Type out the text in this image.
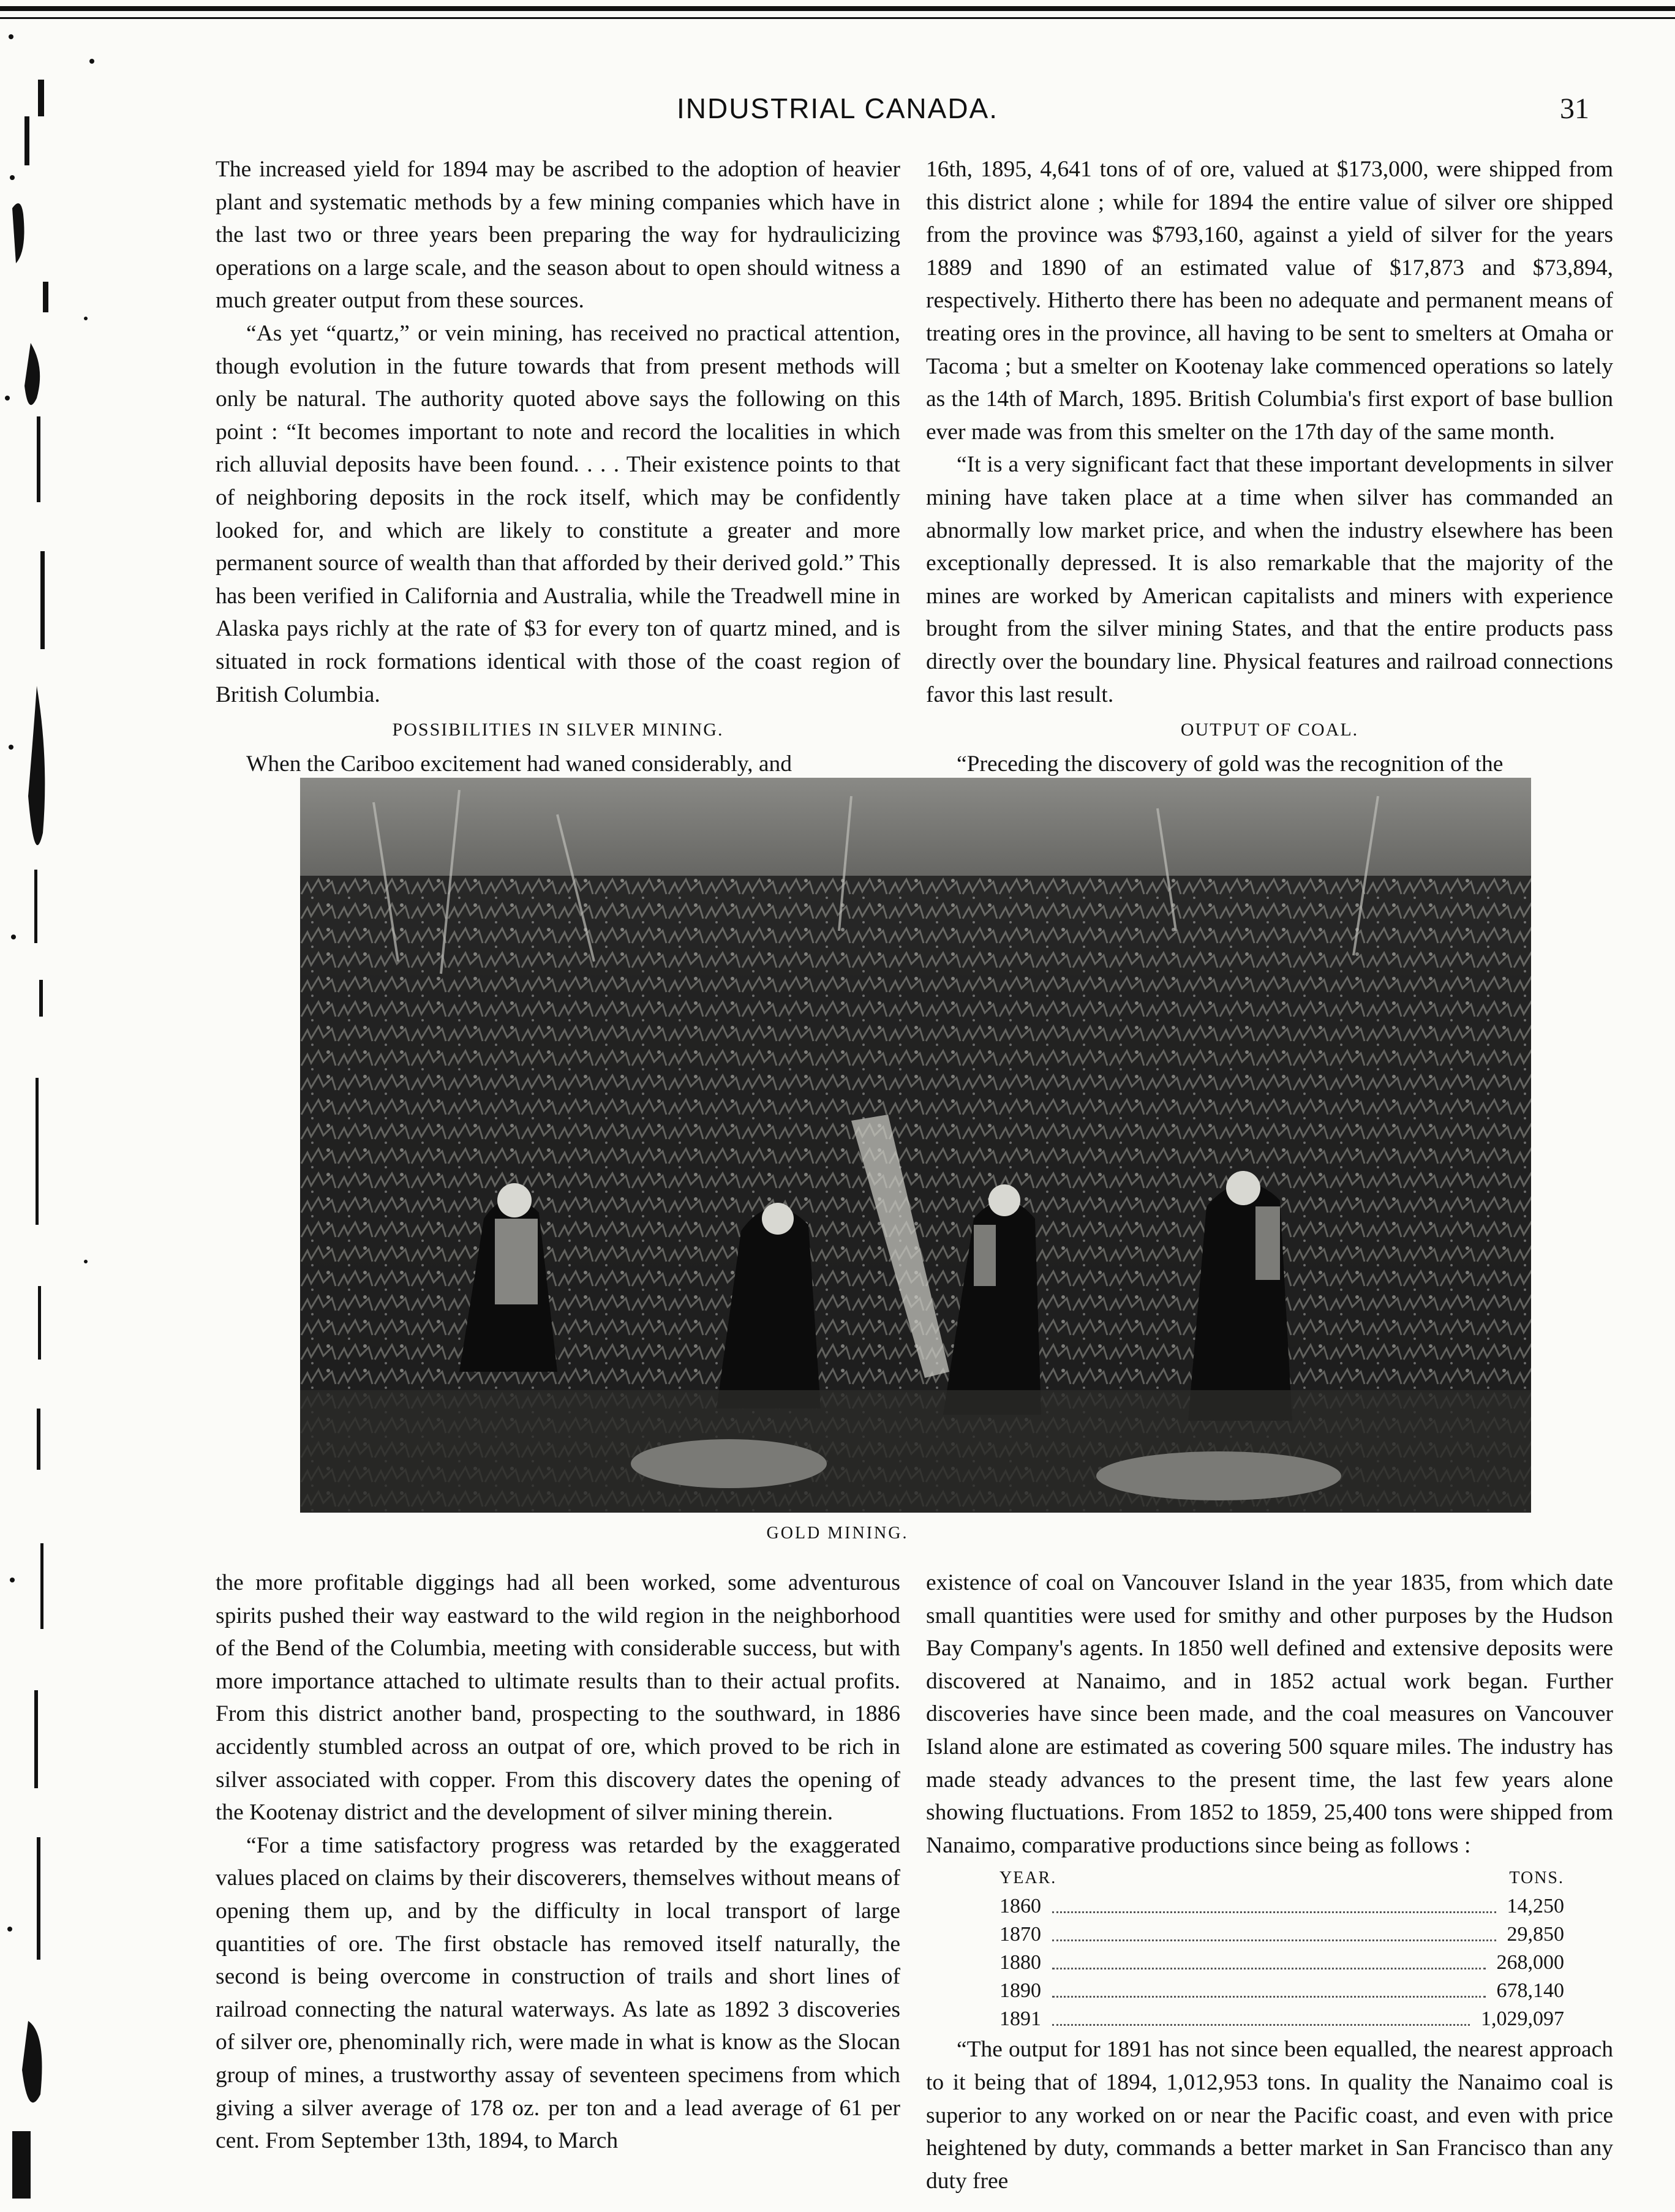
INDUSTRIAL CANADA.	31

The increased yield for 1894 may be ascribed to the adoption of heavier plant and systematic methods by a few mining companies which have in the last two or three years been preparing the way for hydraulicizing operations on a large scale, and the season about to open should witness a much greater output from these sources.

“As yet “quartz,” or vein mining, has received no practical attention, though evolution in the future towards that from present methods will only be natural. The authority quoted above says the following on this point : “It becomes important to note and record the localities in which rich alluvial deposits have been found. . . . Their existence points to that of neighboring deposits in the rock itself, which may be confidently looked for, and which are likely to constitute a greater and more permanent source of wealth than that afforded by their derived gold.” This has been verified in California and Australia, while the Treadwell mine in Alaska pays richly at the rate of $3 for every ton of quartz mined, and is situated in rock formations identical with those of the coast region of British Columbia.

POSSIBILITIES IN SILVER MINING.

When the Cariboo excitement had waned considerably, and

16th, 1895, 4,641 tons of of ore, valued at $173,000, were shipped from this district alone ; while for 1894 the entire value of silver ore shipped from the province was $793,160, against a yield of silver for the years 1889 and 1890 of an estimated value of $17,873 and $73,894, respectively. Hitherto there has been no adequate and permanent means of treating ores in the province, all having to be sent to smelters at Omaha or Tacoma ; but a smelter on Kootenay lake commenced operations so lately as the 14th of March, 1895. British Columbia's first export of base bullion ever made was from this smelter on the 17th day of the same month.

“It is a very significant fact that these important developments in silver mining have taken place at a time when silver has commanded an abnormally low market price, and when the industry elsewhere has been exceptionally depressed. It is also remarkable that the majority of the mines are worked by American capitalists and miners with experience brought from the silver mining States, and that the entire products pass directly over the boundary line. Physical features and railroad connections favor this last result.

OUTPUT OF COAL.

“Preceding the discovery of gold was the recognition of the

GOLD MINING.

the more profitable diggings had all been worked, some adventurous spirits pushed their way eastward to the wild region in the neighborhood of the Bend of the Columbia, meeting with considerable success, but with more importance attached to ultimate results than to their actual profits. From this district another band, prospecting to the southward, in 1886 accidently stumbled across an outpat of ore, which proved to be rich in silver associated with copper. From this discovery dates the opening of the Kootenay district and the development of silver mining therein.

“For a time satisfactory progress was retarded by the exaggerated values placed on claims by their discoverers, themselves without means of opening them up, and by the difficulty in local transport of large quantities of ore. The first obstacle has removed itself naturally, the second is being overcome in construction of trails and short lines of railroad connecting the natural waterways. As late as 1892 3 discoveries of silver ore, phenominally rich, were made in what is know as the Slocan group of mines, a trustworthy assay of seventeen specimens from which giving a silver average of 178 oz. per ton and a lead average of 61 per cent. From September 13th, 1894, to March

existence of coal on Vancouver Island in the year 1835, from which date small quantities were used for smithy and other purposes by the Hudson Bay Company's agents. In 1850 well defined and extensive deposits were discovered at Nanaimo, and in 1852 actual work began. Further discoveries have since been made, and the coal measures on Vancouver Island alone are estimated as covering 500 square miles. The industry has made steady advances to the present time, the last few years alone showing fluctuations. From 1852 to 1859, 25,400 tons were shipped from Nanaimo, comparative productions since being as follows :

YEAR.	TONS.
1860	14,250
1870	29,850
1880	268,000
1890	678,140
1891	1,029,097

“The output for 1891 has not since been equalled, the nearest approach to it being that of 1894, 1,012,953 tons. In quality the Nanaimo coal is superior to any worked on or near the Pacific coast, and even with price heightened by duty, commands a better market in San Francisco than any duty free
